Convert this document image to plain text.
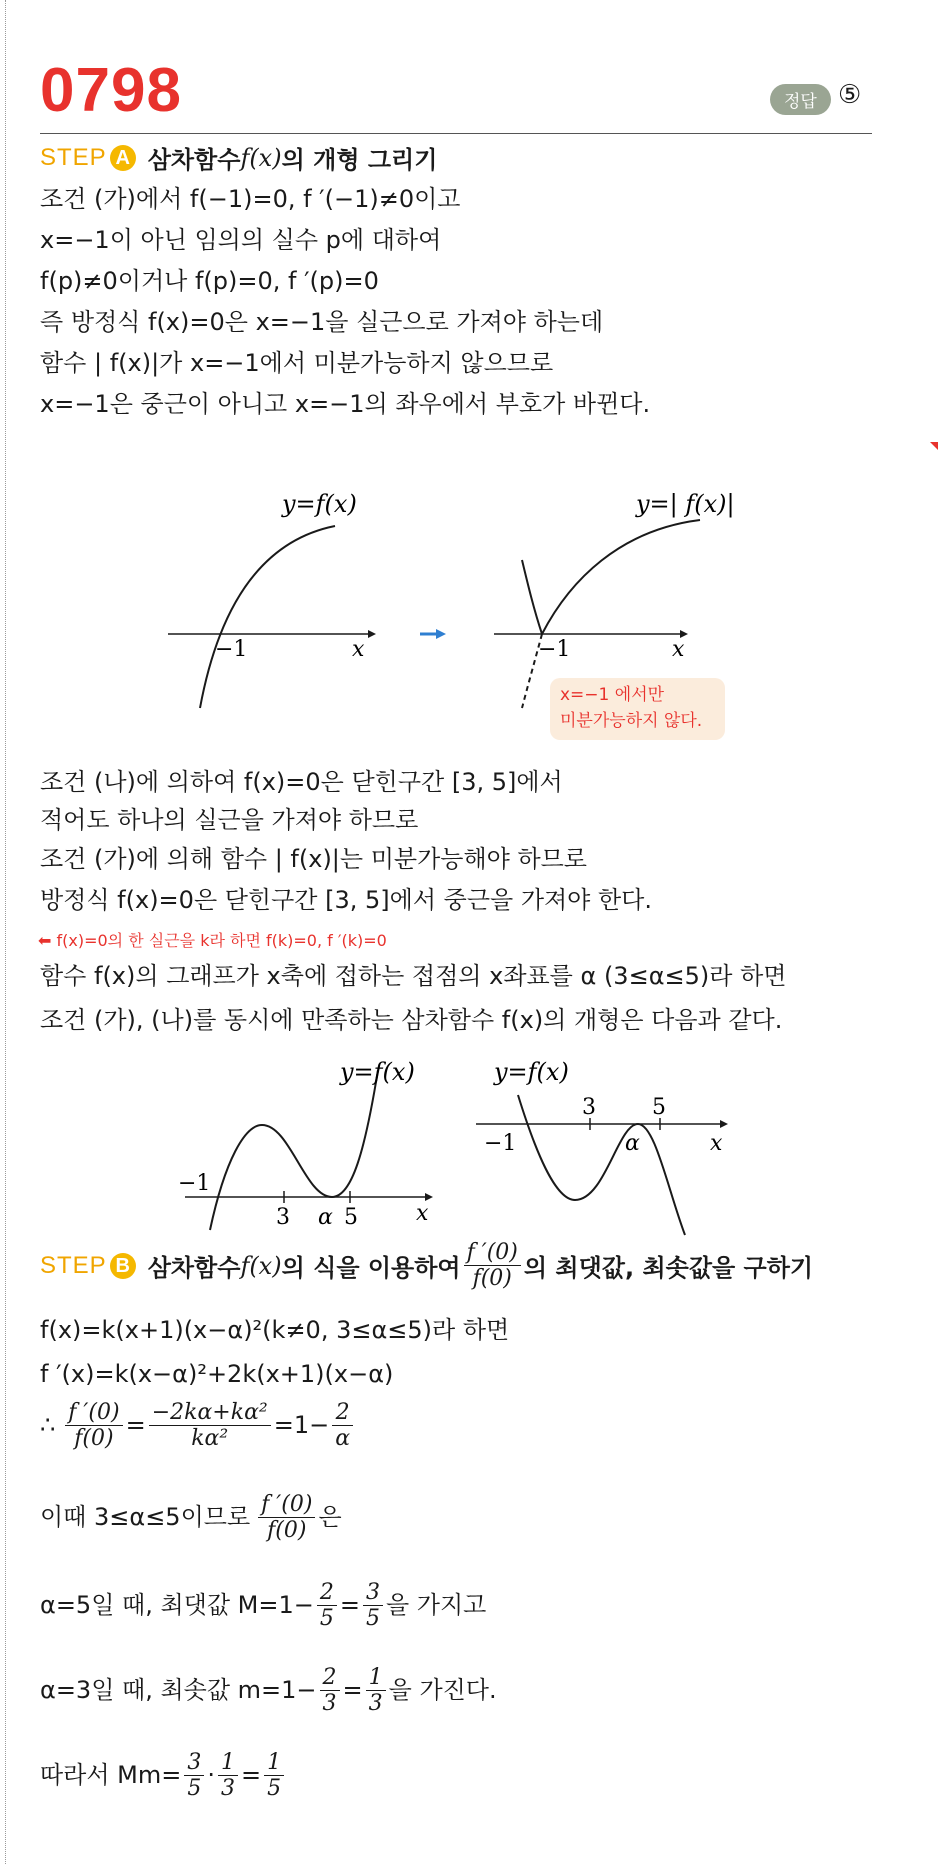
0798	정답 ⑤
STEP A 삼차함수 f(x) 의 개형 그리기
조건 (가)에서 f(−1)=0, f ′(−1)≠0이고
x=−1이 아닌 임의의 실수 p에 대하여
f(p)≠0이거나 f(p)=0, f ′(p)=0
즉 방정식 f(x)=0은 x=−1을 실근으로 가져야 하는데
함수 | f(x)|가 x=−1에서 미분가능하지 않으므로
x=−1은 중근이 아니고 x=−1의 좌우에서 부호가 바뀐다.
y=f(x)
−1	x
y=| f(x)|
−1	x
x=−1 에서만
미분가능하지 않다.
조건 (나)에 의하여 f(x)=0은 닫힌구간 [3, 5]에서
적어도 하나의 실근을 가져야 하므로
조건 (가)에 의해 함수 | f(x)|는 미분가능해야 하므로
방정식 f(x)=0은 닫힌구간 [3, 5]에서 중근을 가져야 한다.
⬅ f(x)=0의 한 실근을 k라 하면 f(k)=0, f ′(k)=0
함수 f(x)의 그래프가 x축에 접하는 접점의 x좌표를 α (3≤α≤5)라 하면
조건 (가), (나)를 동시에 만족하는 삼차함수 f(x)의 개형은 다음과 같다.
y=f(x)
−1
3 α 5	x
y=f(x)
−1
3	5
α	x
STEP B 삼차함수 f(x) 의 식을 이용하여 $\frac{f '(0)}{f(0)}$ 의 최댓값, 최솟값을 구하기
f(x)=k(x+1)(x−α)²(k≠0, 3≤α≤5)라 하면
f ′(x)=k(x−α)²+2k(x+1)(x−α)
∴ $\frac{f '(0)}{f(0)} = \frac{\text{−2kα+kα²}}{\text{kα²}} =1- \frac{2}{\alpha}$
이때 3≤α≤5이므로 $\frac{f '(0)}{f(0)}$ 은
α=5일 때, 최댓값 $M=1- \frac{2}{5} = \frac{3}{5}$ 을 가지고
α=3일 때, 최솟값 $m=1- \frac{2}{3} = \frac{1}{3}$ 을 가진다.
따라서 $Mm= \frac{3}{5} \cdot \frac{1}{3} = \frac{1}{5}$
